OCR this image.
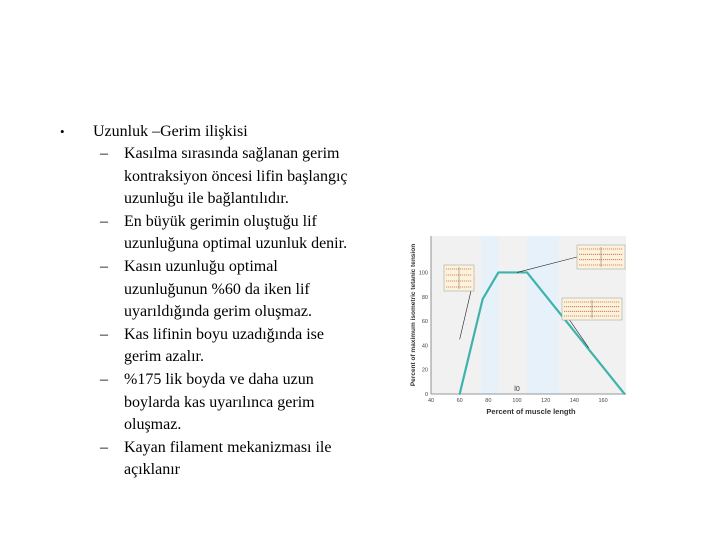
• Uzunluk –Gerim ilişkisi
– Kasılma sırasında sağlanan gerim kontraksiyon öncesi lifin başlangıç uzunluğu ile bağlantılıdır.
– En büyük gerimin oluştuğu lif uzunluğuna optimal uzunluk denir.
– Kasın uzunluğu optimal uzunluğunun %60 da iken lif uyarıldığında gerim oluşmaz.
– Kas lifinin boyu uzadığında ise gerim azalır.
– %175 lik boyda ve daha uzun boylarda kas uyarılınca gerim oluşmaz.
– Kayan filament mekanizması ile açıklanır
0
20
40
60
80
100
40	60	80	100	120	140	160
Percent of maximum isometric tetanic tension
Percent of muscle length
l0
